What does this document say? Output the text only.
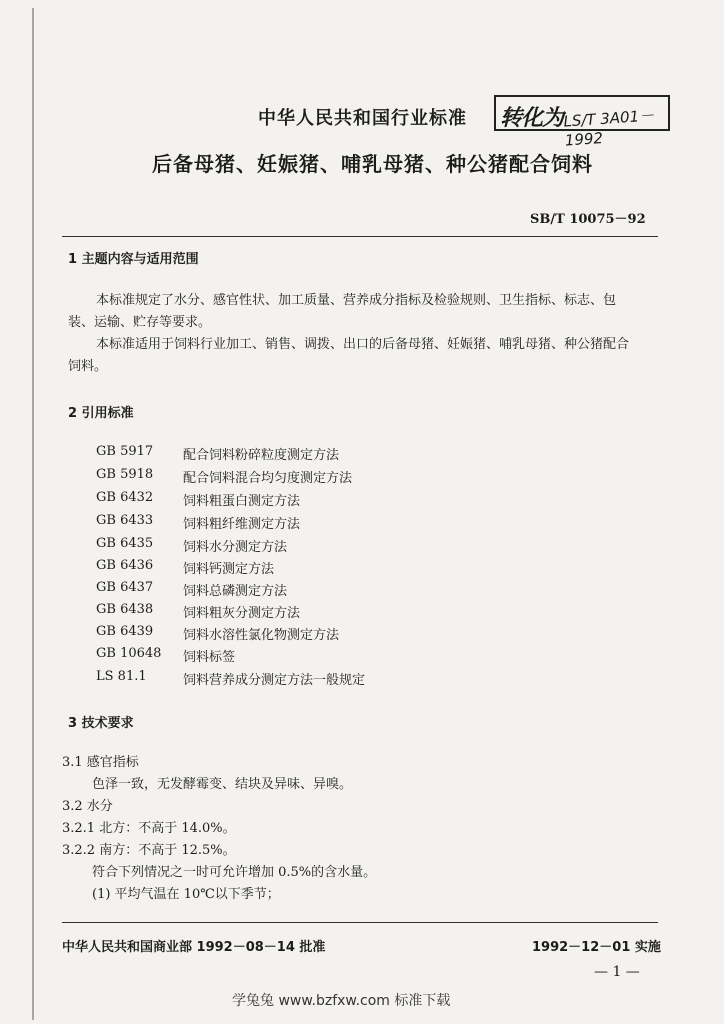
中华人民共和国行业标准 转化为 LS/T 3A01－1992
后备母猪、妊娠猪、哺乳母猪、种公猪配合饲料
SB/T 10075－92
1 主题内容与适用范围
本标准规定了水分、感官性状、加工质量、营养成分指标及检验规则、卫生指标、标志、包
装、运输、贮存等要求。
本标准适用于饲料行业加工、销售、调拨、出口的后备母猪、妊娠猪、哺乳母猪、种公猪配合
饲料。
2 引用标准
GB 5917 配合饲料粉碎粒度测定方法
GB 5918 配合饲料混合均匀度测定方法
GB 6432 饲料粗蛋白测定方法
GB 6433 饲料粗纤维测定方法
GB 6435 饲料水分测定方法
GB 6436 饲料钙测定方法
GB 6437 饲料总磷测定方法
GB 6438 饲料粗灰分测定方法
GB 6439 饲料水溶性氯化物测定方法
GB 10648 饲料标签
LS 81.1	饲料营养成分测定方法一般规定
3 技术要求
3.1 感官指标
色泽一致，无发酵霉变、结块及异味、异嗅。
3.2 水分
3.2.1 北方：不高于 14.0%。
3.2.2 南方：不高于 12.5%。
符合下列情况之一时可允许增加 0.5%的含水量。
(1) 平均气温在 10℃以下季节；
中华人民共和国商业部 1992－08－14 批准	1992－12－01 实施
— 1 —
学兔兔 www.bzfxw.com 标准下载
